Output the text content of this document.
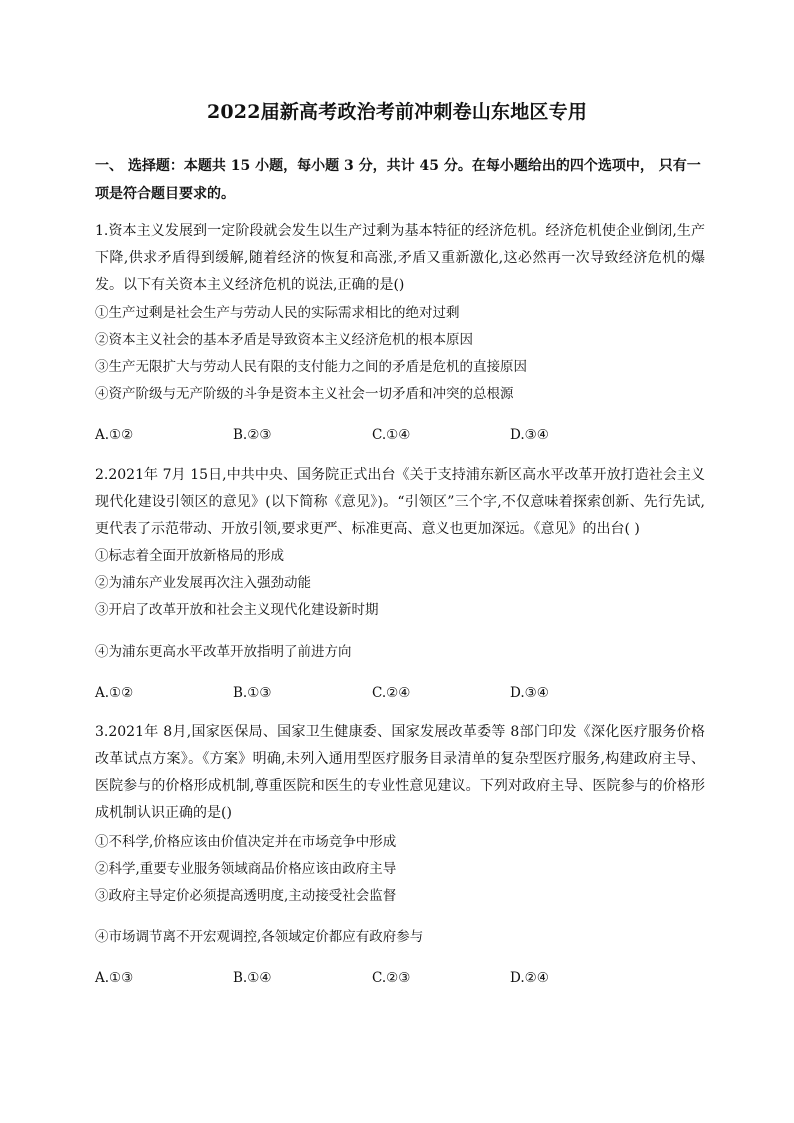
2022届新高考政治考前冲刺卷山东地区专用
一、 选择题：本题共 15 小题，每小题 3 分，共计 45 分。在每小题给出的四个选项中， 只有一项是符合题目要求的。
1.资本主义发展到一定阶段就会发生以生产过剩为基本特征的经济危机。经济危机使企业倒闭,生产下降,供求矛盾得到缓解,随着经济的恢复和高涨,矛盾又重新激化,这必然再一次导致经济危机的爆发。以下有关资本主义经济危机的说法,正确的是()
①生产过剩是社会生产与劳动人民的实际需求相比的绝对过剩
②资本主义社会的基本矛盾是导致资本主义经济危机的根本原因
③生产无限扩大与劳动人民有限的支付能力之间的矛盾是危机的直接原因
④资产阶级与无产阶级的斗争是资本主义社会一切矛盾和冲突的总根源
A.①②	B.②③	C.①④	D.③④
2.2021年 7月 15日,中共中央、国务院正式出台《关于支持浦东新区高水平改革开放打造社会主义现代化建设引领区的意见》(以下简称《意见》)。“引领区”三个字,不仅意味着探索创新、先行先试,更代表了示范带动、开放引领,要求更严、标准更高、意义也更加深远。《意见》的出台( )
①标志着全面开放新格局的形成
②为浦东产业发展再次注入强劲动能
③开启了改革开放和社会主义现代化建设新时期
④为浦东更高水平改革开放指明了前进方向
A.①②	B.①③	C.②④	D.③④
3.2021年 8月,国家医保局、国家卫生健康委、国家发展改革委等 8部门印发《深化医疗服务价格改革试点方案》。《方案》明确,未列入通用型医疗服务目录清单的复杂型医疗服务,构建政府主导、医院参与的价格形成机制,尊重医院和医生的专业性意见建议。下列对政府主导、医院参与的价格形成机制认识正确的是()
①不科学,价格应该由价值决定并在市场竞争中形成
②科学,重要专业服务领域商品价格应该由政府主导
③政府主导定价必须提高透明度,主动接受社会监督
④市场调节离不开宏观调控,各领域定价都应有政府参与
A.①③	B.①④	C.②③	D.②④
